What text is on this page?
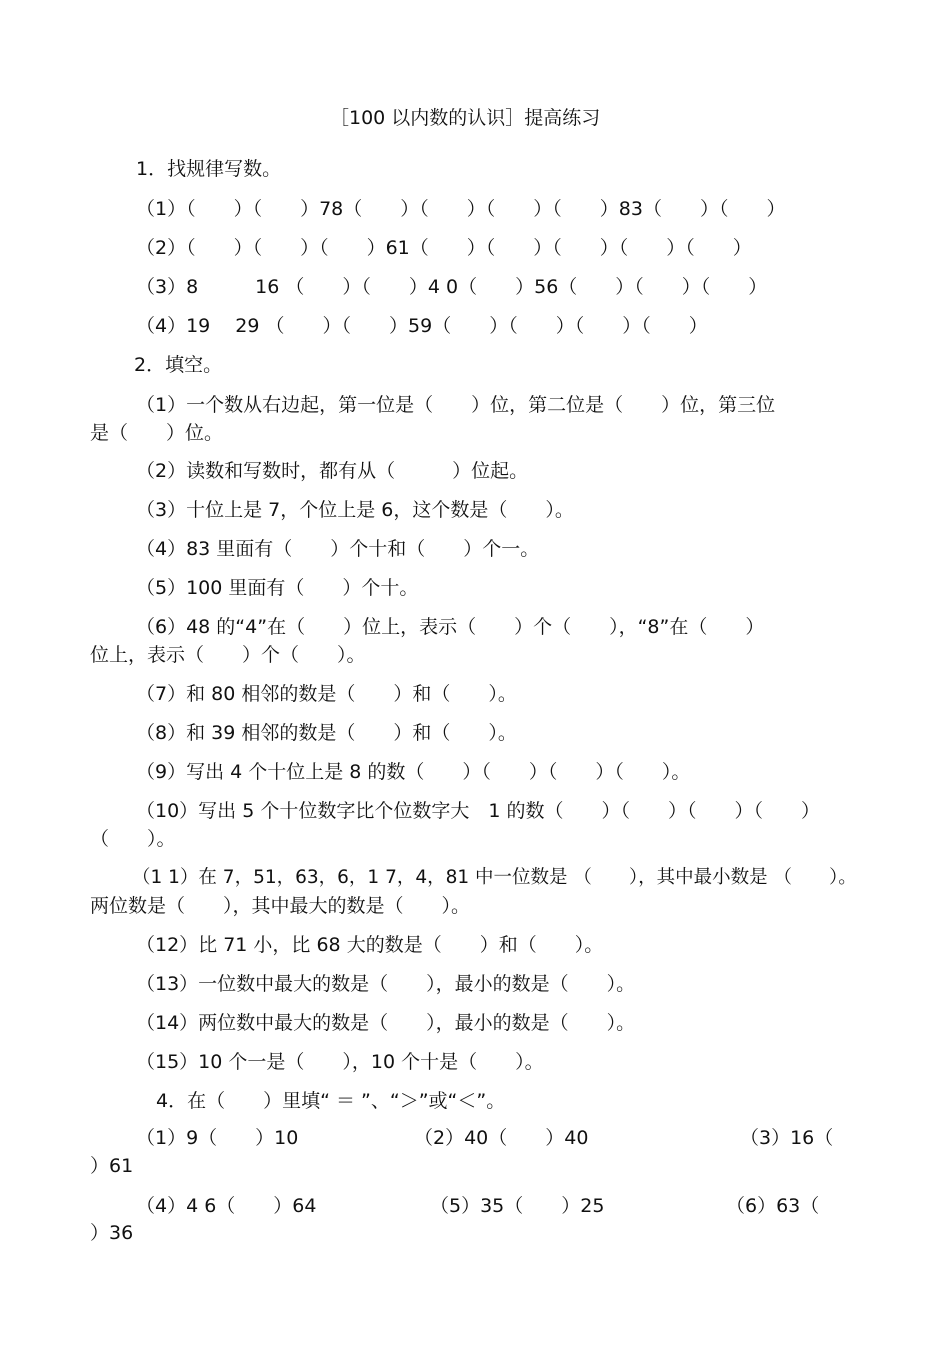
［100 以内数的认识］提高练习
1．找规律写数。
（1）（　　）（　　）78（　　）（　　）（　　）（　　）83（　　）（　　）
（2）（　　）（　　）（　　）61（　　）（　　）（　　）（　　）（　　）
（3）8　　　16 （　　）（　　）4 0（　　）56（　　）（　　）（　　）
（4）19　 29 （　　）（　　）59（　　）（　　）（　　）（　　）
2．填空。
（1）一个数从右边起，第一位是（　　）位，第二位是（　　）位，第三位
是（　　）位。
（2）读数和写数时，都有从（　　　）位起。
（3）十位上是 7，个位上是 6，这个数是（　　）。
（4）83 里面有（　　）个十和（　　）个一。
（5）100 里面有（　　）个十。
（6）48 的“4”在（　　）位上，表示（　　）个（　　），“8”在（　　）
位上，表示（　　）个（　　）。
（7）和 80 相邻的数是（　　）和（　　）。
（8）和 39 相邻的数是（　　）和（　　）。
（9）写出 4 个十位上是 8 的数（　　）（　　）（　　）（　　）。
（10）写出 5 个十位数字比个位数字大　1 的数（　　）（　　）（　　）（　　）
（　　）。
（1 1）在 7，51，63，6，1 7，4，81 中一位数是 （　　），其中最小数是 （　　）。
两位数是（　　），其中最大的数是（　　）。
（12）比 71 小，比 68 大的数是（　　）和（　　）。
（13）一位数中最大的数是（　　），最小的数是（　　）。
（14）两位数中最大的数是（　　），最小的数是（　　）。
（15）10 个一是（　　），10 个十是（　　）。
4．在（　　）里填“ ＝ ”、“＞”或“＜”。
（1）9（　　）10	（2）40（　　）40	（3）16（
）61
（4）4 6（　　）64	（5）35（　　）25	（6）63（
）36
